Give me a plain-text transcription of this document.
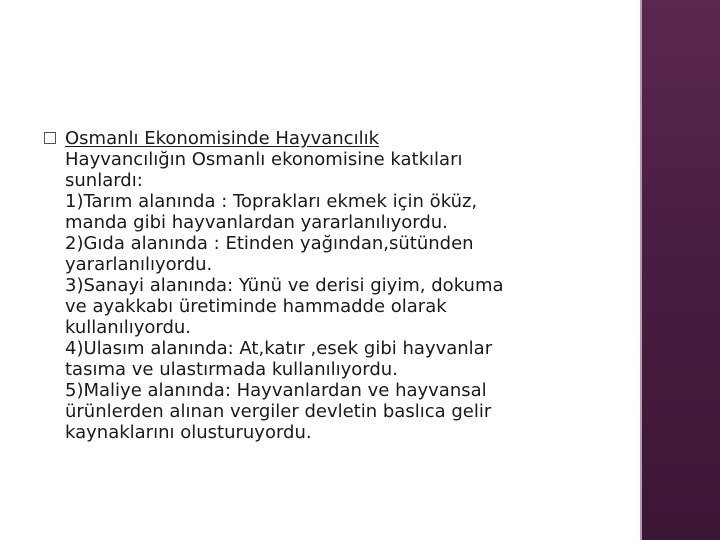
Osmanlı Ekonomisinde Hayvancılık
Hayvancılığın Osmanlı ekonomisine katkıları
sunlardı:
1)Tarım alanında : Toprakları ekmek için öküz,
manda gibi hayvanlardan yararlanılıyordu.
2)Gıda alanında : Etinden yağından,sütünden
yararlanılıyordu.
3)Sanayi alanında: Yünü ve derisi giyim, dokuma
ve ayakkabı üretiminde hammadde olarak
kullanılıyordu.
4)Ulasım alanında: At,katır ,esek gibi hayvanlar
tasıma ve ulastırmada kullanılıyordu.
5)Maliye alanında: Hayvanlardan ve hayvansal
ürünlerden alınan vergiler devletin baslıca gelir
kaynaklarını olusturuyordu.
